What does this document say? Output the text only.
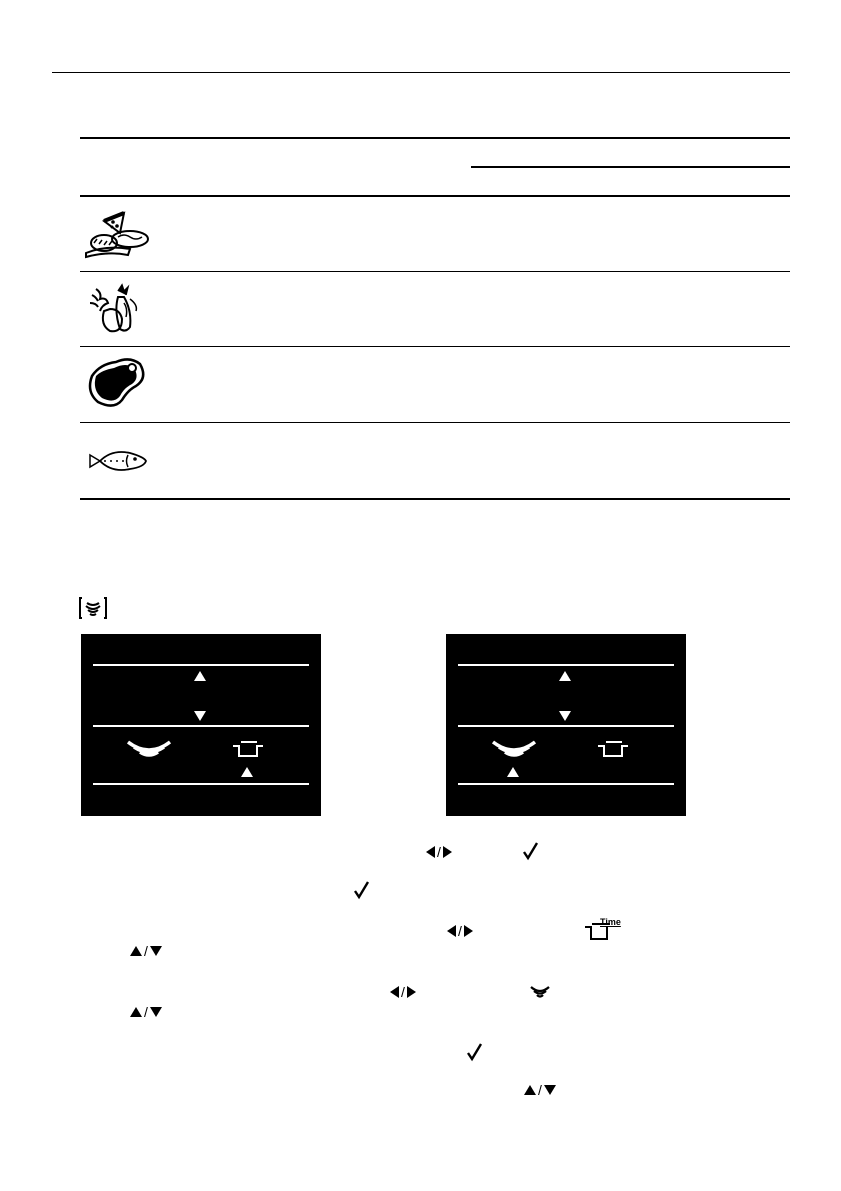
/
/
Time
/
/
/
/
